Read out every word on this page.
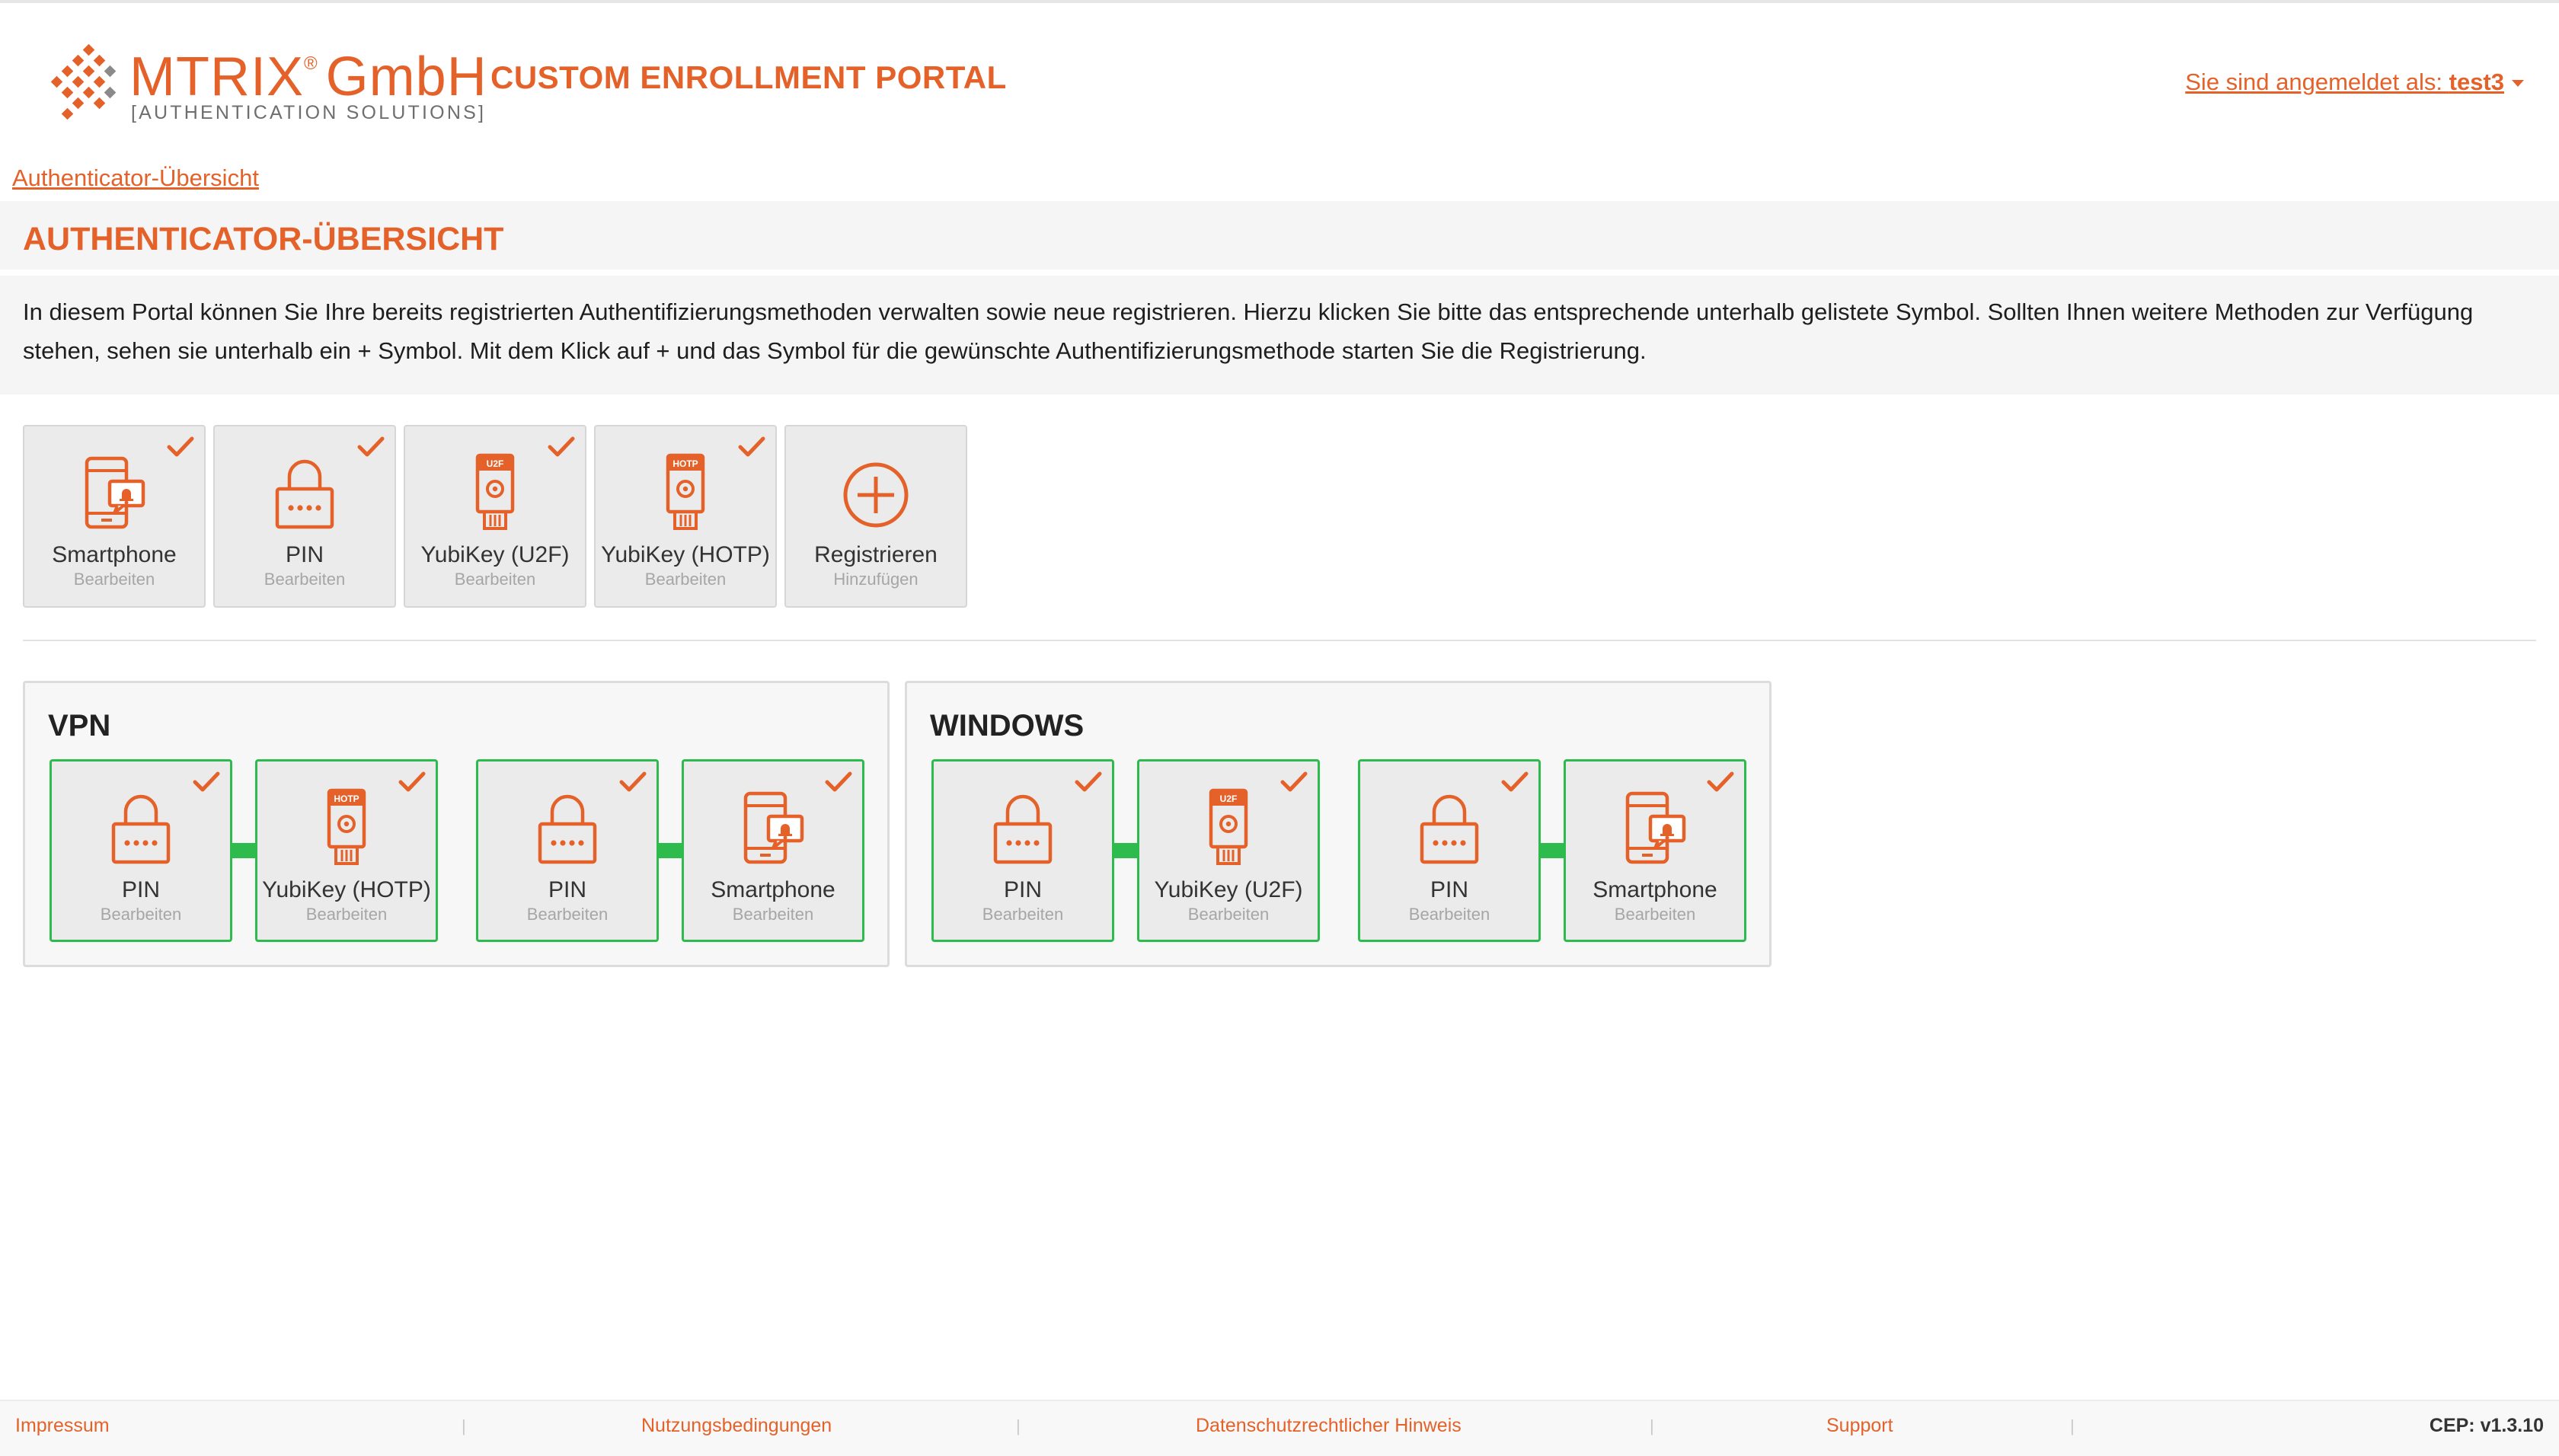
MTRIX® GmbH
[AUTHENTICATION SOLUTIONS]
CUSTOM ENROLLMENT PORTAL	Sie sind angemeldet als: test3
Authenticator-Übersicht
AUTHENTICATOR-ÜBERSICHT
In diesem Portal können Sie Ihre bereits registrierten Authentifizierungsmethoden verwalten sowie neue registrieren. Hierzu klicken Sie bitte das entsprechende unterhalb gelistete Symbol. Sollten Ihnen weitere Methoden zur Verfügung stehen, sehen sie unterhalb ein + Symbol. Mit dem Klick auf + und das Symbol für die gewünschte Authentifizierungsmethode starten Sie die Registrierung.
Smartphone
Bearbeiten
PIN
Bearbeiten
U2F
YubiKey (U2F)
Bearbeiten
HOTP
YubiKey (HOTP)
Bearbeiten
Registrieren
Hinzufügen
VPN
PIN
Bearbeiten
HOTP
YubiKey (HOTP)
Bearbeiten
PIN
Bearbeiten
Smartphone
Bearbeiten
WINDOWS
PIN
Bearbeiten
U2F
YubiKey (U2F)
Bearbeiten
PIN
Bearbeiten
Smartphone
Bearbeiten
Impressum	|	Nutzungsbedingungen	|	Datenschutzrechtlicher Hinweis	|	Support	|	CEP: v1.3.10
